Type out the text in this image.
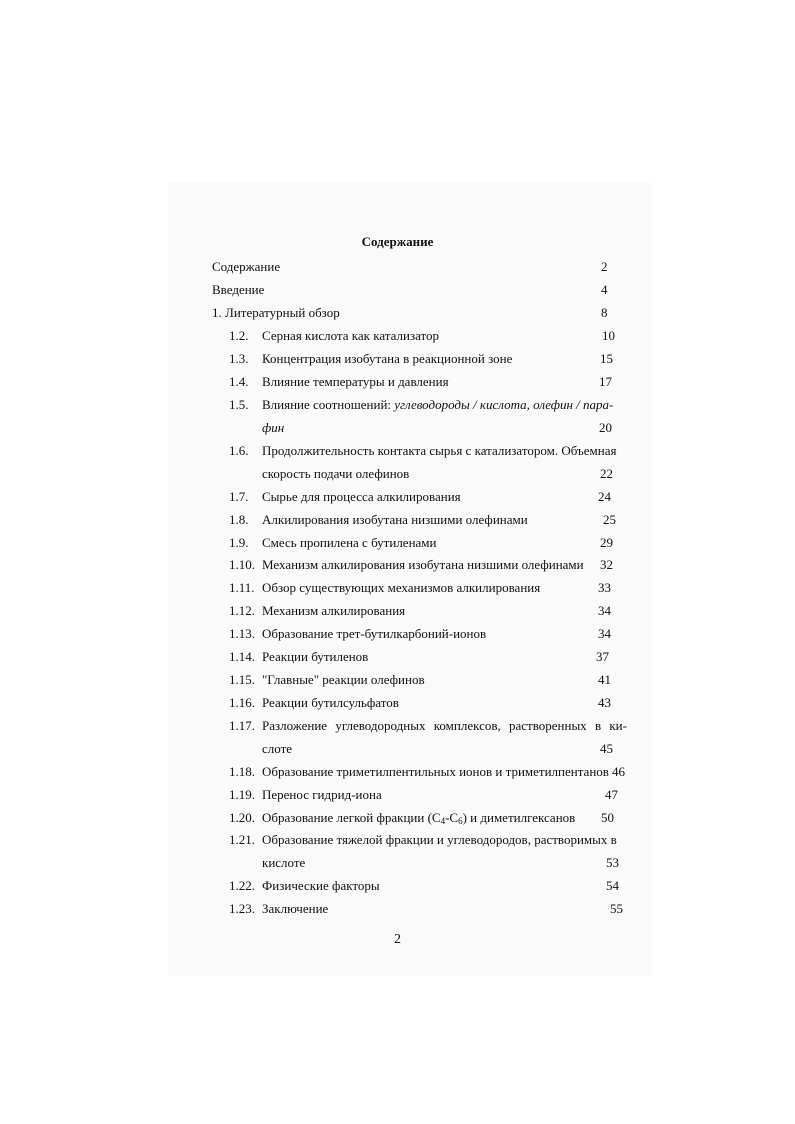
Содержание
Содержание	2
Введение	4
1. Литературный обзор	8
1.2. Серная кислота как катализатор	10
1.3. Концентрация изобутана в реакционной зоне	15
1.4. Влияние температуры и давления	17
1.5. Влияние соотношений: углеводороды / кислота, олефин / пара-
фин	20
1.6. Продолжительность контакта сырья с катализатором. Объемная
скорость подачи олефинов	22
1.7. Сырье для процесса алкилирования	24
1.8. Алкилирования изобутана низшими олефинами	25
1.9. Смесь пропилена с бутиленами	29
1.10. Механизм алкилирования изобутана низшими олефинами 32
1.11. Обзор существующих механизмов алкилирования	33
1.12. Механизм алкилирования	34
1.13. Образование трет-бутилкарбоний-ионов	34
1.14. Реакции бутиленов	37
1.15. "Главные" реакции олефинов	41
1.16. Реакции бутилсульфатов	43
1.17. Разложение углеводородных комплексов, растворенных в ки-
слоте	45
1.18. Образование триметилпентильных ионов и триметилпентанов 46
1.19. Перенос гидрид-иона	47
1.20. Образование легкой фракции $(C_4-C_6)$ и диметилгексанов 50
1.21. Образование тяжелой фракции и углеводородов, растворимых в
кислоте	53
1.22. Физические факторы	54
1.23. Заключение	55
2
